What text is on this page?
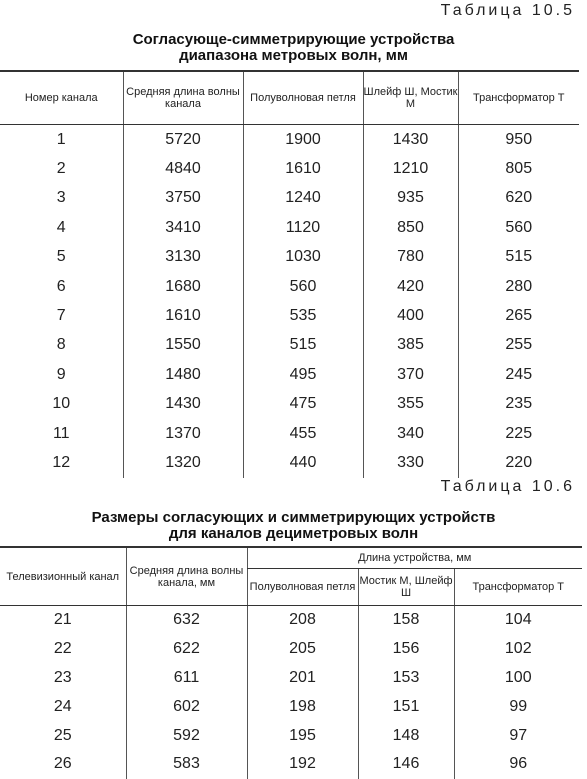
Таблица 10.5
Согласующе-симметрирующие устройства
диапазона метровых волн, мм
Номер канала	Средняя длина волны канала	Полуволновая петля	Шлейф Ш, Мостик М	Трансформатор Т
1	5720	1900	1430	950
2	4840	1610	1210	805
3	3750	1240	935	620
4	3410	1120	850	560
5	3130	1030	780	515
6	1680	560	420	280
7	1610	535	400	265
8	1550	515	385	255
9	1480	495	370	245
10	1430	475	355	235
11	1370	455	340	225
12	1320	440	330	220
Таблица 10.6
Размеры согласующих и симметрирующих устройств
для каналов дециметровых волн
Телевизионный канал	Средняя длина волны канала, мм	Длина устройства, мм		
		Полуволновая петля	Мостик М, Шлейф Ш	Трансформатор Т
21	632	208	158	104
22	622	205	156	102
23	611	201	153	100
24	602	198	151	99
25	592	195	148	97
26	583	192	146	96
